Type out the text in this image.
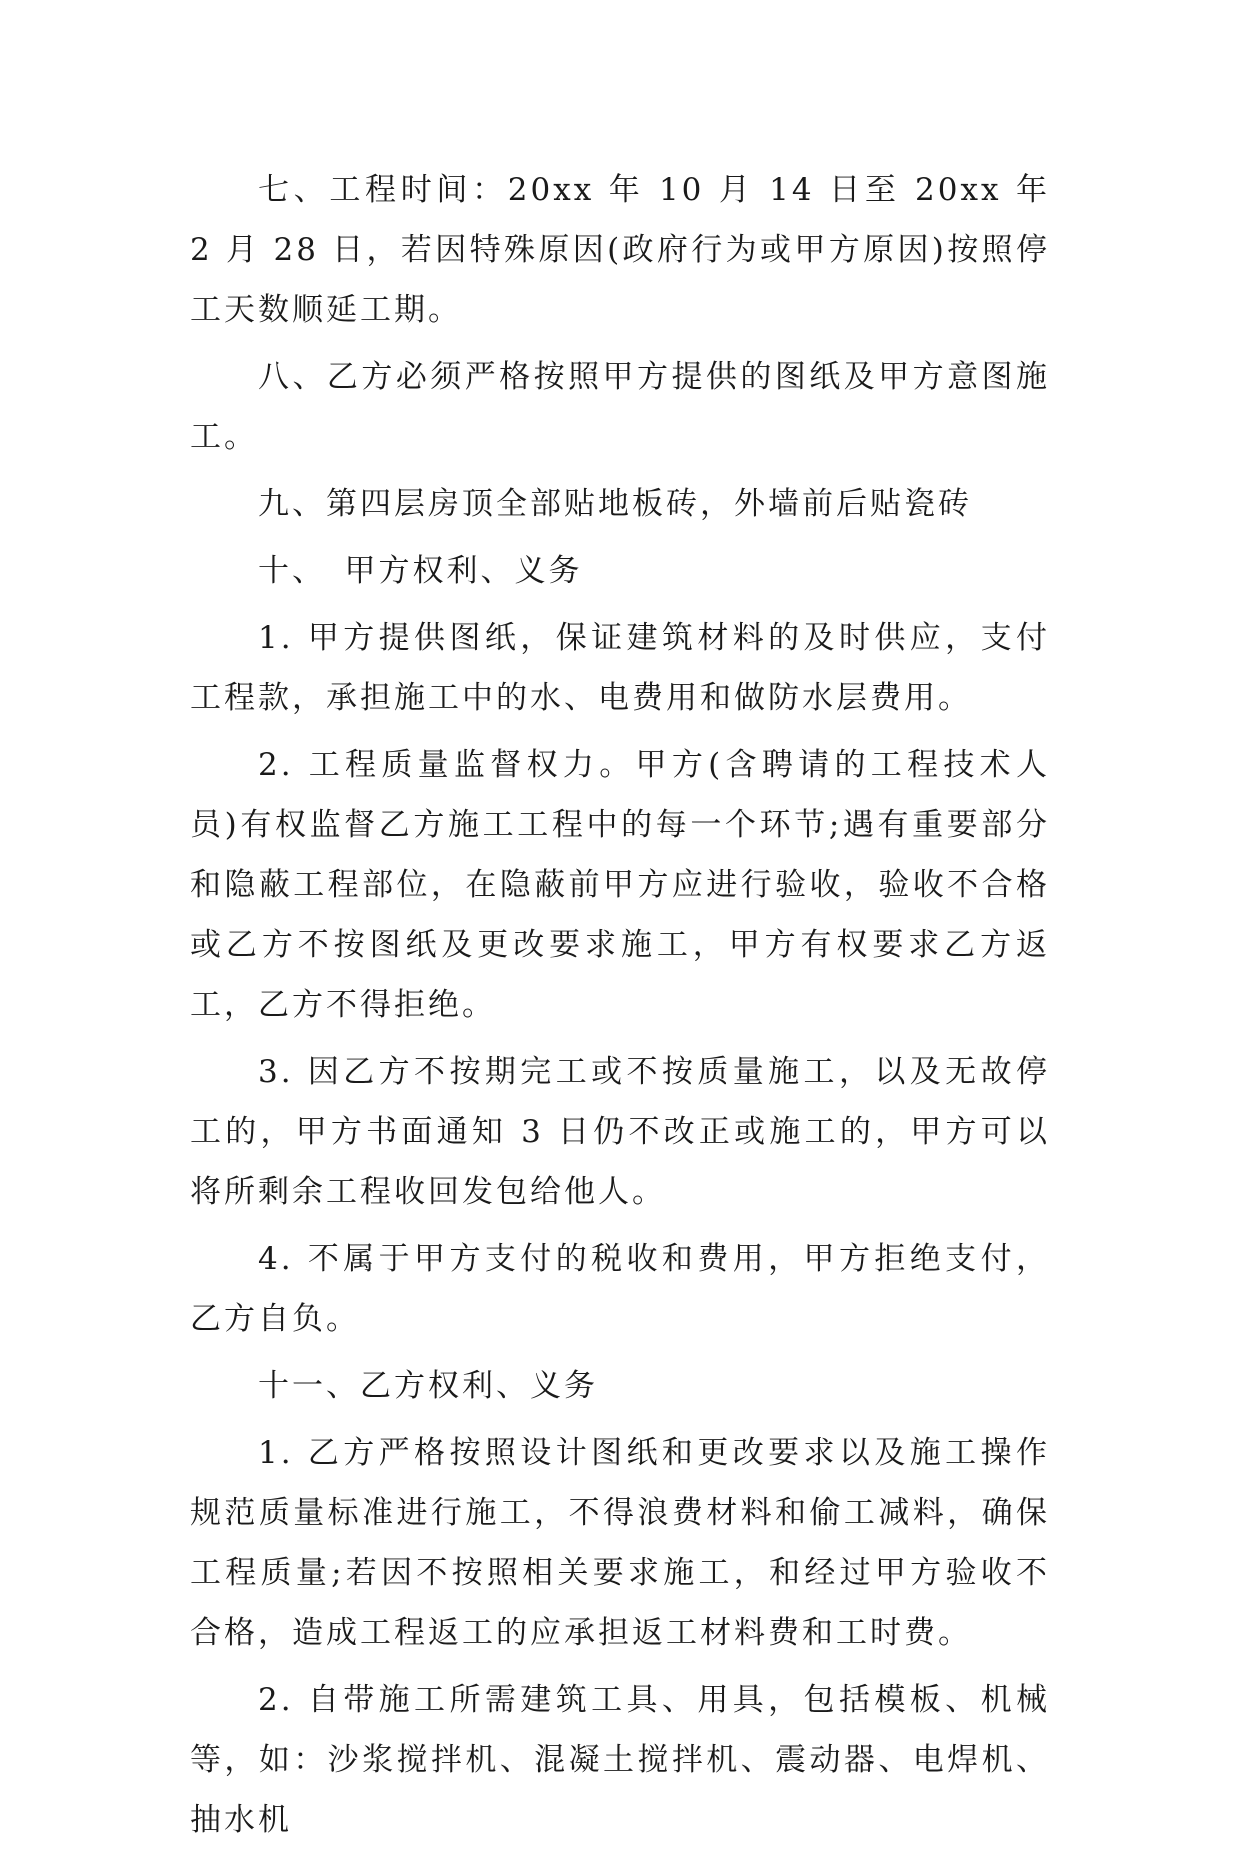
七、工程时间：20xx 年 10 月 14 日至 20xx 年 2 月 28 日，若因特殊原因(政府行为或甲方原因)按照停工天数顺延工期。

八、乙方必须严格按照甲方提供的图纸及甲方意图施工。

九、第四层房顶全部贴地板砖，外墙前后贴瓷砖

十、　甲方权利、义务

1. 甲方提供图纸，保证建筑材料的及时供应，支付工程款，承担施工中的水、电费用和做防水层费用。

2. 工程质量监督权力。甲方(含聘请的工程技术人员)有权监督乙方施工工程中的每一个环节;遇有重要部分和隐蔽工程部位，在隐蔽前甲方应进行验收，验收不合格或乙方不按图纸及更改要求施工，甲方有权要求乙方返工，乙方不得拒绝。

3. 因乙方不按期完工或不按质量施工，以及无故停工的，甲方书面通知 3 日仍不改正或施工的，甲方可以将所剩余工程收回发包给他人。

4. 不属于甲方支付的税收和费用，甲方拒绝支付，乙方自负。

十一、乙方权利、义务

1. 乙方严格按照设计图纸和更改要求以及施工操作规范质量标准进行施工，不得浪费材料和偷工减料，确保工程质量;若因不按照相关要求施工，和经过甲方验收不合格，造成工程返工的应承担返工材料费和工时费。

2. 自带施工所需建筑工具、用具，包括模板、机械等，如：沙浆搅拌机、混凝土搅拌机、震动器、电焊机、抽水机
